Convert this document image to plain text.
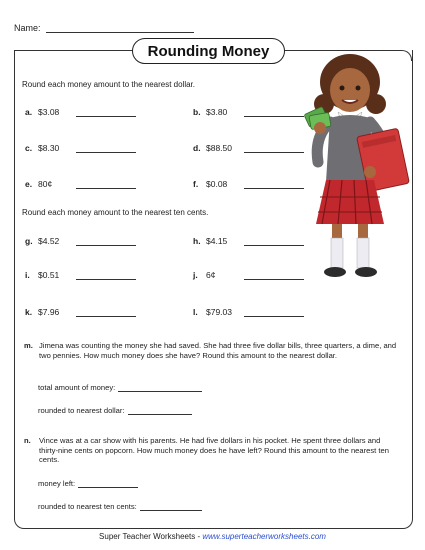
Name:
Rounding Money
Round each money amount to the nearest dollar.
a. $3.08	b. $3.80
c. $8.30	d. $88.50
e. 80¢	f. $0.08
Round each money amount to the nearest ten cents.
g. $4.52	h. $4.15
i. $0.51	j. 6¢
k. $7.96	l. $79.03
m. Jimena was counting the money she had saved. She had three five dollar bills, three quarters, a dime, and two pennies. How much money does she have? Round this amount to the nearest dollar.
total amount of money:
rounded to nearest dollar:
n. Vince was at a car show with his parents. He had five dollars in his pocket. He spent three dollars and thirty-nine cents on popcorn. How much money does he have left? Round this amount to the nearest ten cents.
money left:
rounded to nearest ten cents:
Super Teacher Worksheets - www.superteacherworksheets.com
